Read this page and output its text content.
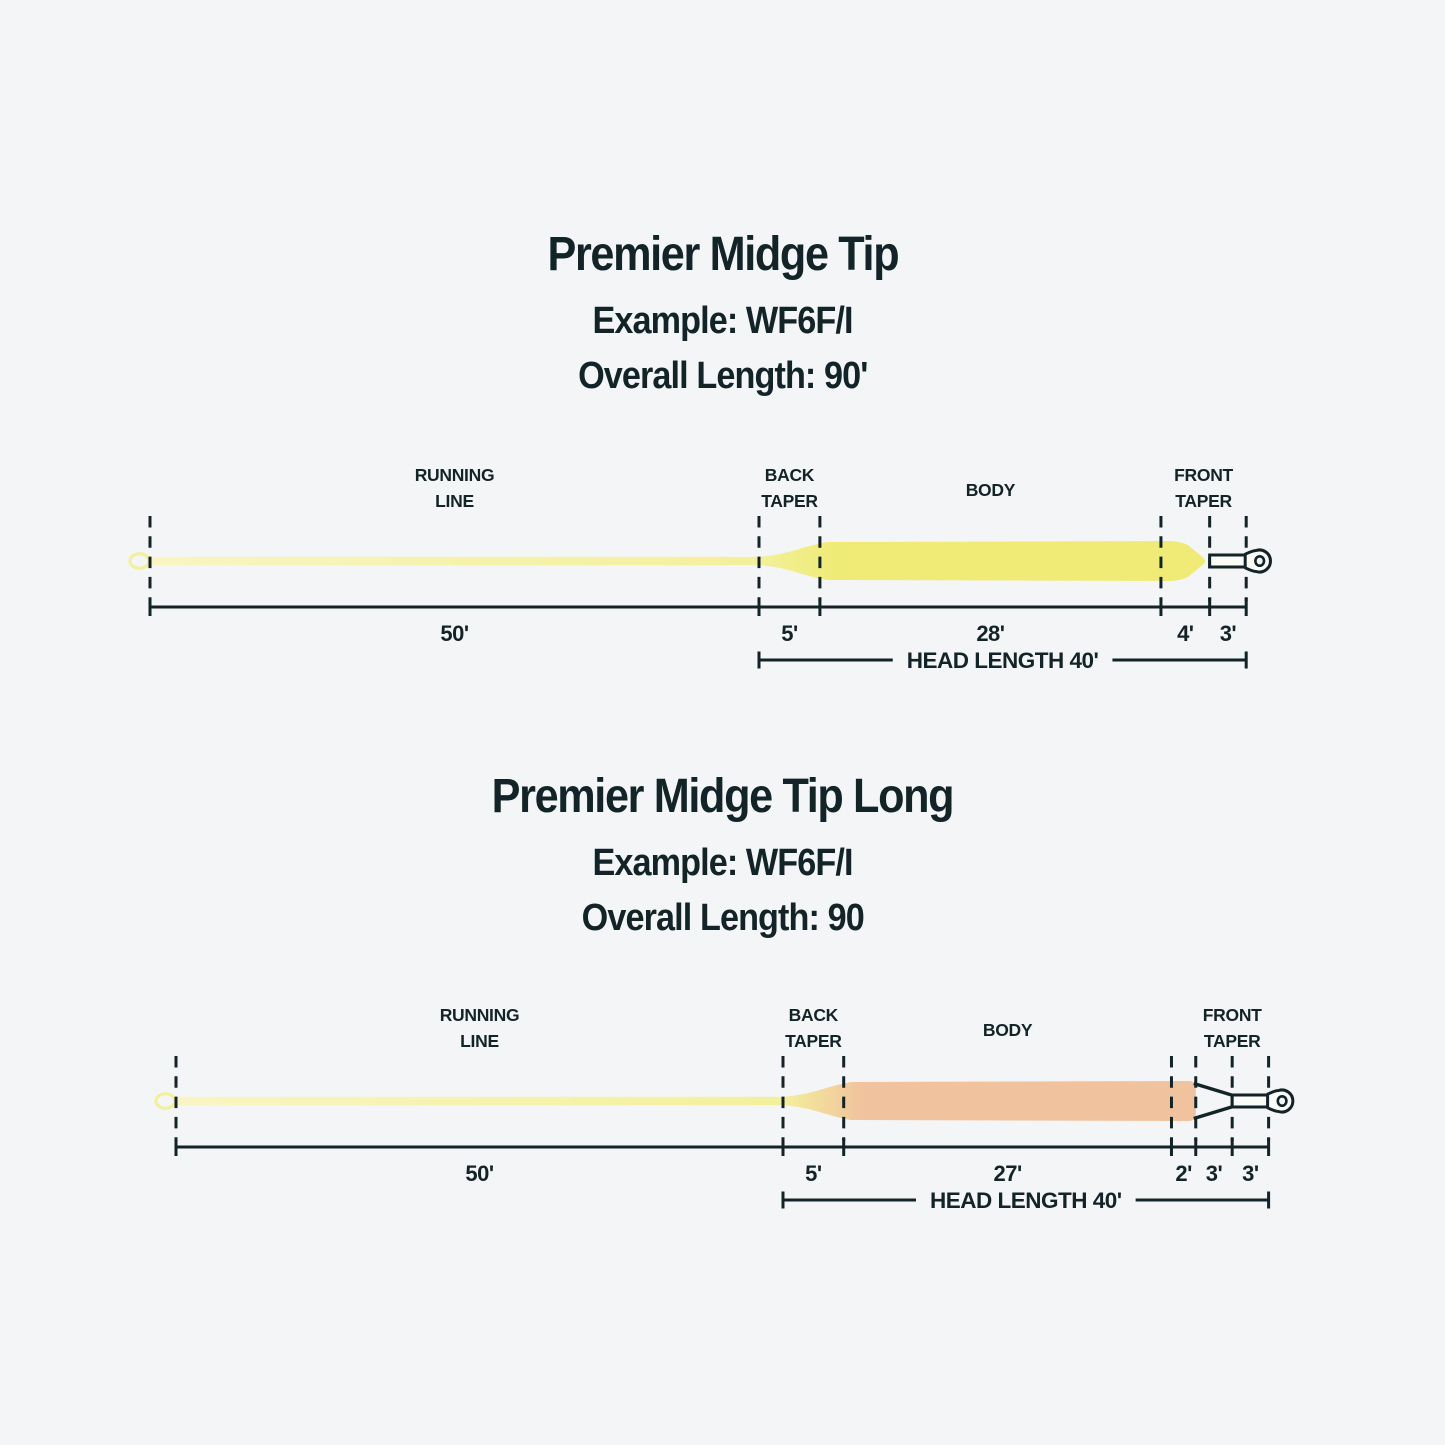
Premier Midge Tip
Example: WF6F/I
Overall Length: 90'
Premier Midge Tip Long
Example: WF6F/I
Overall Length: 90
50'	5'	28'	4' 3'
RUNNING
LINE
BACK
TAPER
BODY
FRONT
TAPER
HEAD LENGTH 40'
50'	5'	27'	2' 3' 3'
RUNNING
LINE
BACK
TAPER
BODY
FRONT
TAPER
HEAD LENGTH 40'
